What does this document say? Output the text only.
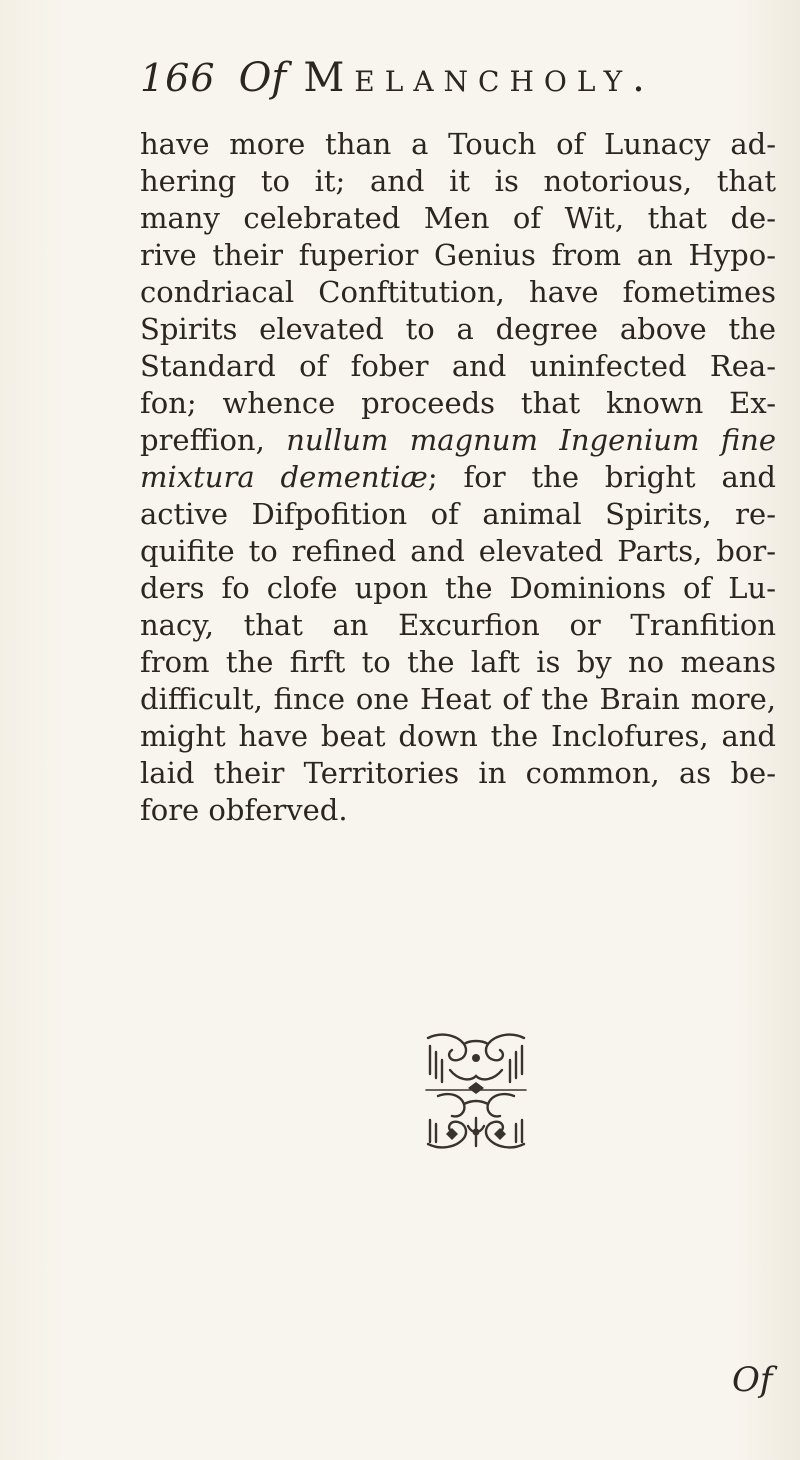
166 Of Melancholy.
have more than a Touch of Lunacy ad-
hering to it; and it is notorious, that
many celebrated Men of Wit, that de-
rive their fuperior Genius from an Hypo-
condriacal Conftitution, have fometimes
Spirits elevated to a degree above the
Standard of fober and uninfected Rea-
fon; whence proceeds that known Ex-
preffion, nullum magnum Ingenium fine
mixtura dementiæ; for the bright and
active Difpofition of animal Spirits, re-
quifite to refined and elevated Parts, bor-
ders fo clofe upon the Dominions of Lu-
nacy, that an Excurfion or Tranfition
from the firft to the laft is by no means
difficult, fince one Heat of the Brain more,
might have beat down the Inclofures, and
laid their Territories in common, as be-
fore obferved.
Of
